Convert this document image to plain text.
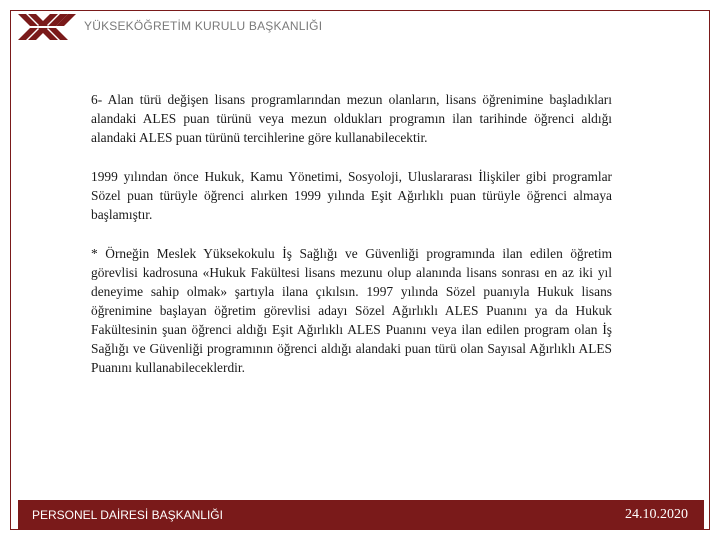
YÜKSEKÖĞRETİM KURULU BAŞKANLIĞI

6- Alan türü değişen lisans programlarından mezun olanların, lisans öğrenimine başladıkları alandaki ALES puan türünü veya mezun oldukları programın ilan tarihinde öğrenci aldığı alandaki ALES puan türünü tercihlerine göre kullanabilecektir.

1999 yılından önce Hukuk, Kamu Yönetimi, Sosyoloji, Uluslararası İlişkiler gibi programlar Sözel puan türüyle öğrenci alırken 1999 yılında Eşit Ağırlıklı puan türüyle öğrenci almaya başlamıştır.

* Örneğin Meslek Yüksekokulu İş Sağlığı ve Güvenliği programında ilan edilen öğretim görevlisi kadrosuna «Hukuk Fakültesi lisans mezunu olup alanında lisans sonrası en az iki yıl deneyime sahip olmak» şartıyla ilana çıkılsın. 1997 yılında Sözel puanıyla Hukuk lisans öğrenimine başlayan öğretim görevlisi adayı Sözel Ağırlıklı ALES Puanını ya da Hukuk Fakültesinin şuan öğrenci aldığı Eşit Ağırlıklı ALES Puanını veya ilan edilen program olan İş Sağlığı ve Güvenliği programının öğrenci aldığı alandaki puan türü olan Sayısal Ağırlıklı ALES Puanını kullanabileceklerdir.

PERSONEL DAİRESİ BAŞKANLIĞI	24.10.2020
